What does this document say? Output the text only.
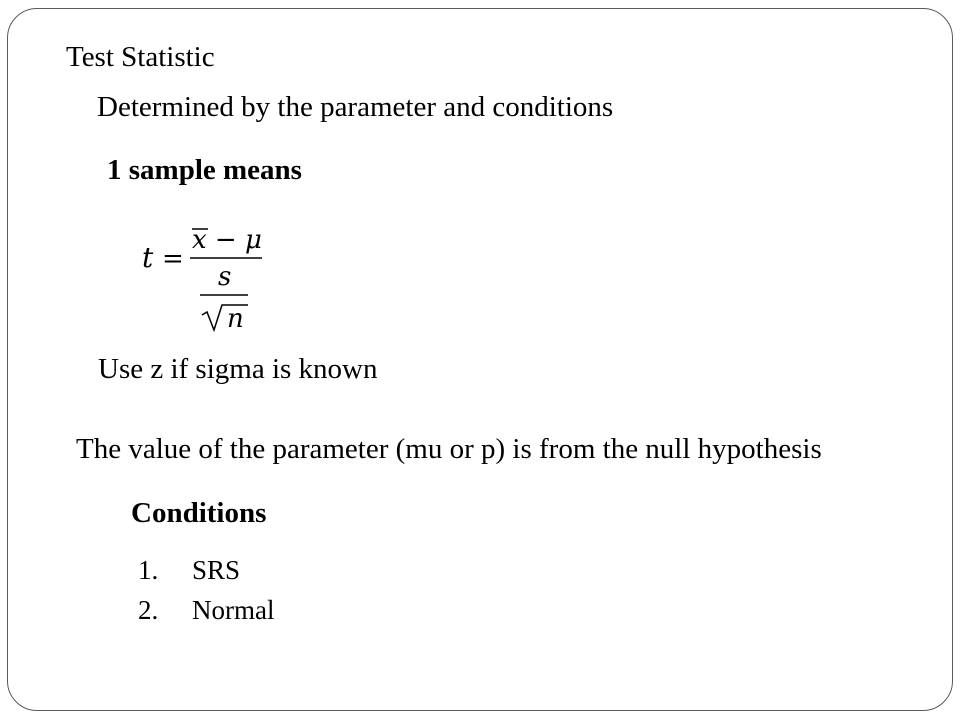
Test Statistic
Determined by the parameter and conditions
1 sample means
t =
x − μ
s
n
Use z if sigma is known
The value of the parameter (mu or p) is from the null hypothesis
Conditions
1. SRS
2. Normal
